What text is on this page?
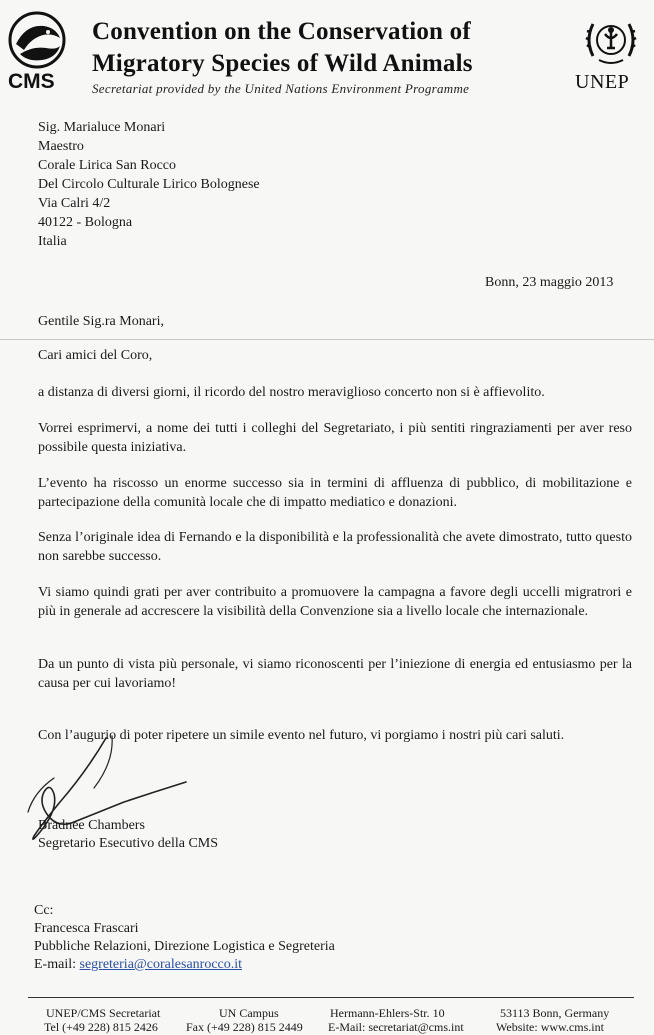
CMS
Convention on the Conservation of
Migratory Species of Wild Animals
Secretariat provided by the United Nations Environment Programme	UNEP
Sig. Marialuce Monari
Maestro
Corale Lirica San Rocco
Del Circolo Culturale Lirico Bolognese
Via Calri 4/2
40122 - Bologna
Italia
Bonn, 23 maggio 2013
Gentile Sig.ra Monari,
Cari amici del Coro,
a distanza di diversi giorni, il ricordo del nostro meraviglioso concerto non si è affievolito.
Vorrei esprimervi, a nome dei tutti i colleghi del Segretariato, i più sentiti ringraziamenti per aver reso possibile questa iniziativa.
L’evento ha riscosso un enorme successo sia in termini di affluenza di pubblico, di mobilitazione e partecipazione della comunità locale che di impatto mediatico e donazioni.
Senza l’originale idea di Fernando e la disponibilità e la professionalità che avete dimostrato, tutto questo non sarebbe successo.
Vi siamo quindi grati per aver contribuito a promuovere la campagna a favore degli uccelli migratrori e più in generale ad accrescere la visibilità della Convenzione sia a livello locale che internazionale.
Da un punto di vista più personale, vi siamo riconoscenti per l’iniezione di energia ed entusiasmo per la causa per cui lavoriamo!
Con l’augurio di poter ripetere un simile evento nel futuro, vi porgiamo i nostri più cari saluti.
Bradnee Chambers
Segretario Esecutivo della CMS
Cc:
Francesca Frascari
Pubbliche Relazioni, Direzione Logistica e Segreteria
E-mail: segreteria@coralesanrocco.it
UNEP/CMS Secretariat
Tel (+49 228) 815 2426
UN Campus
Fax (+49 228) 815 2449
Hermann-Ehlers-Str. 10
E-Mail: secretariat@cms.int
53113 Bonn, Germany
Website: www.cms.int
